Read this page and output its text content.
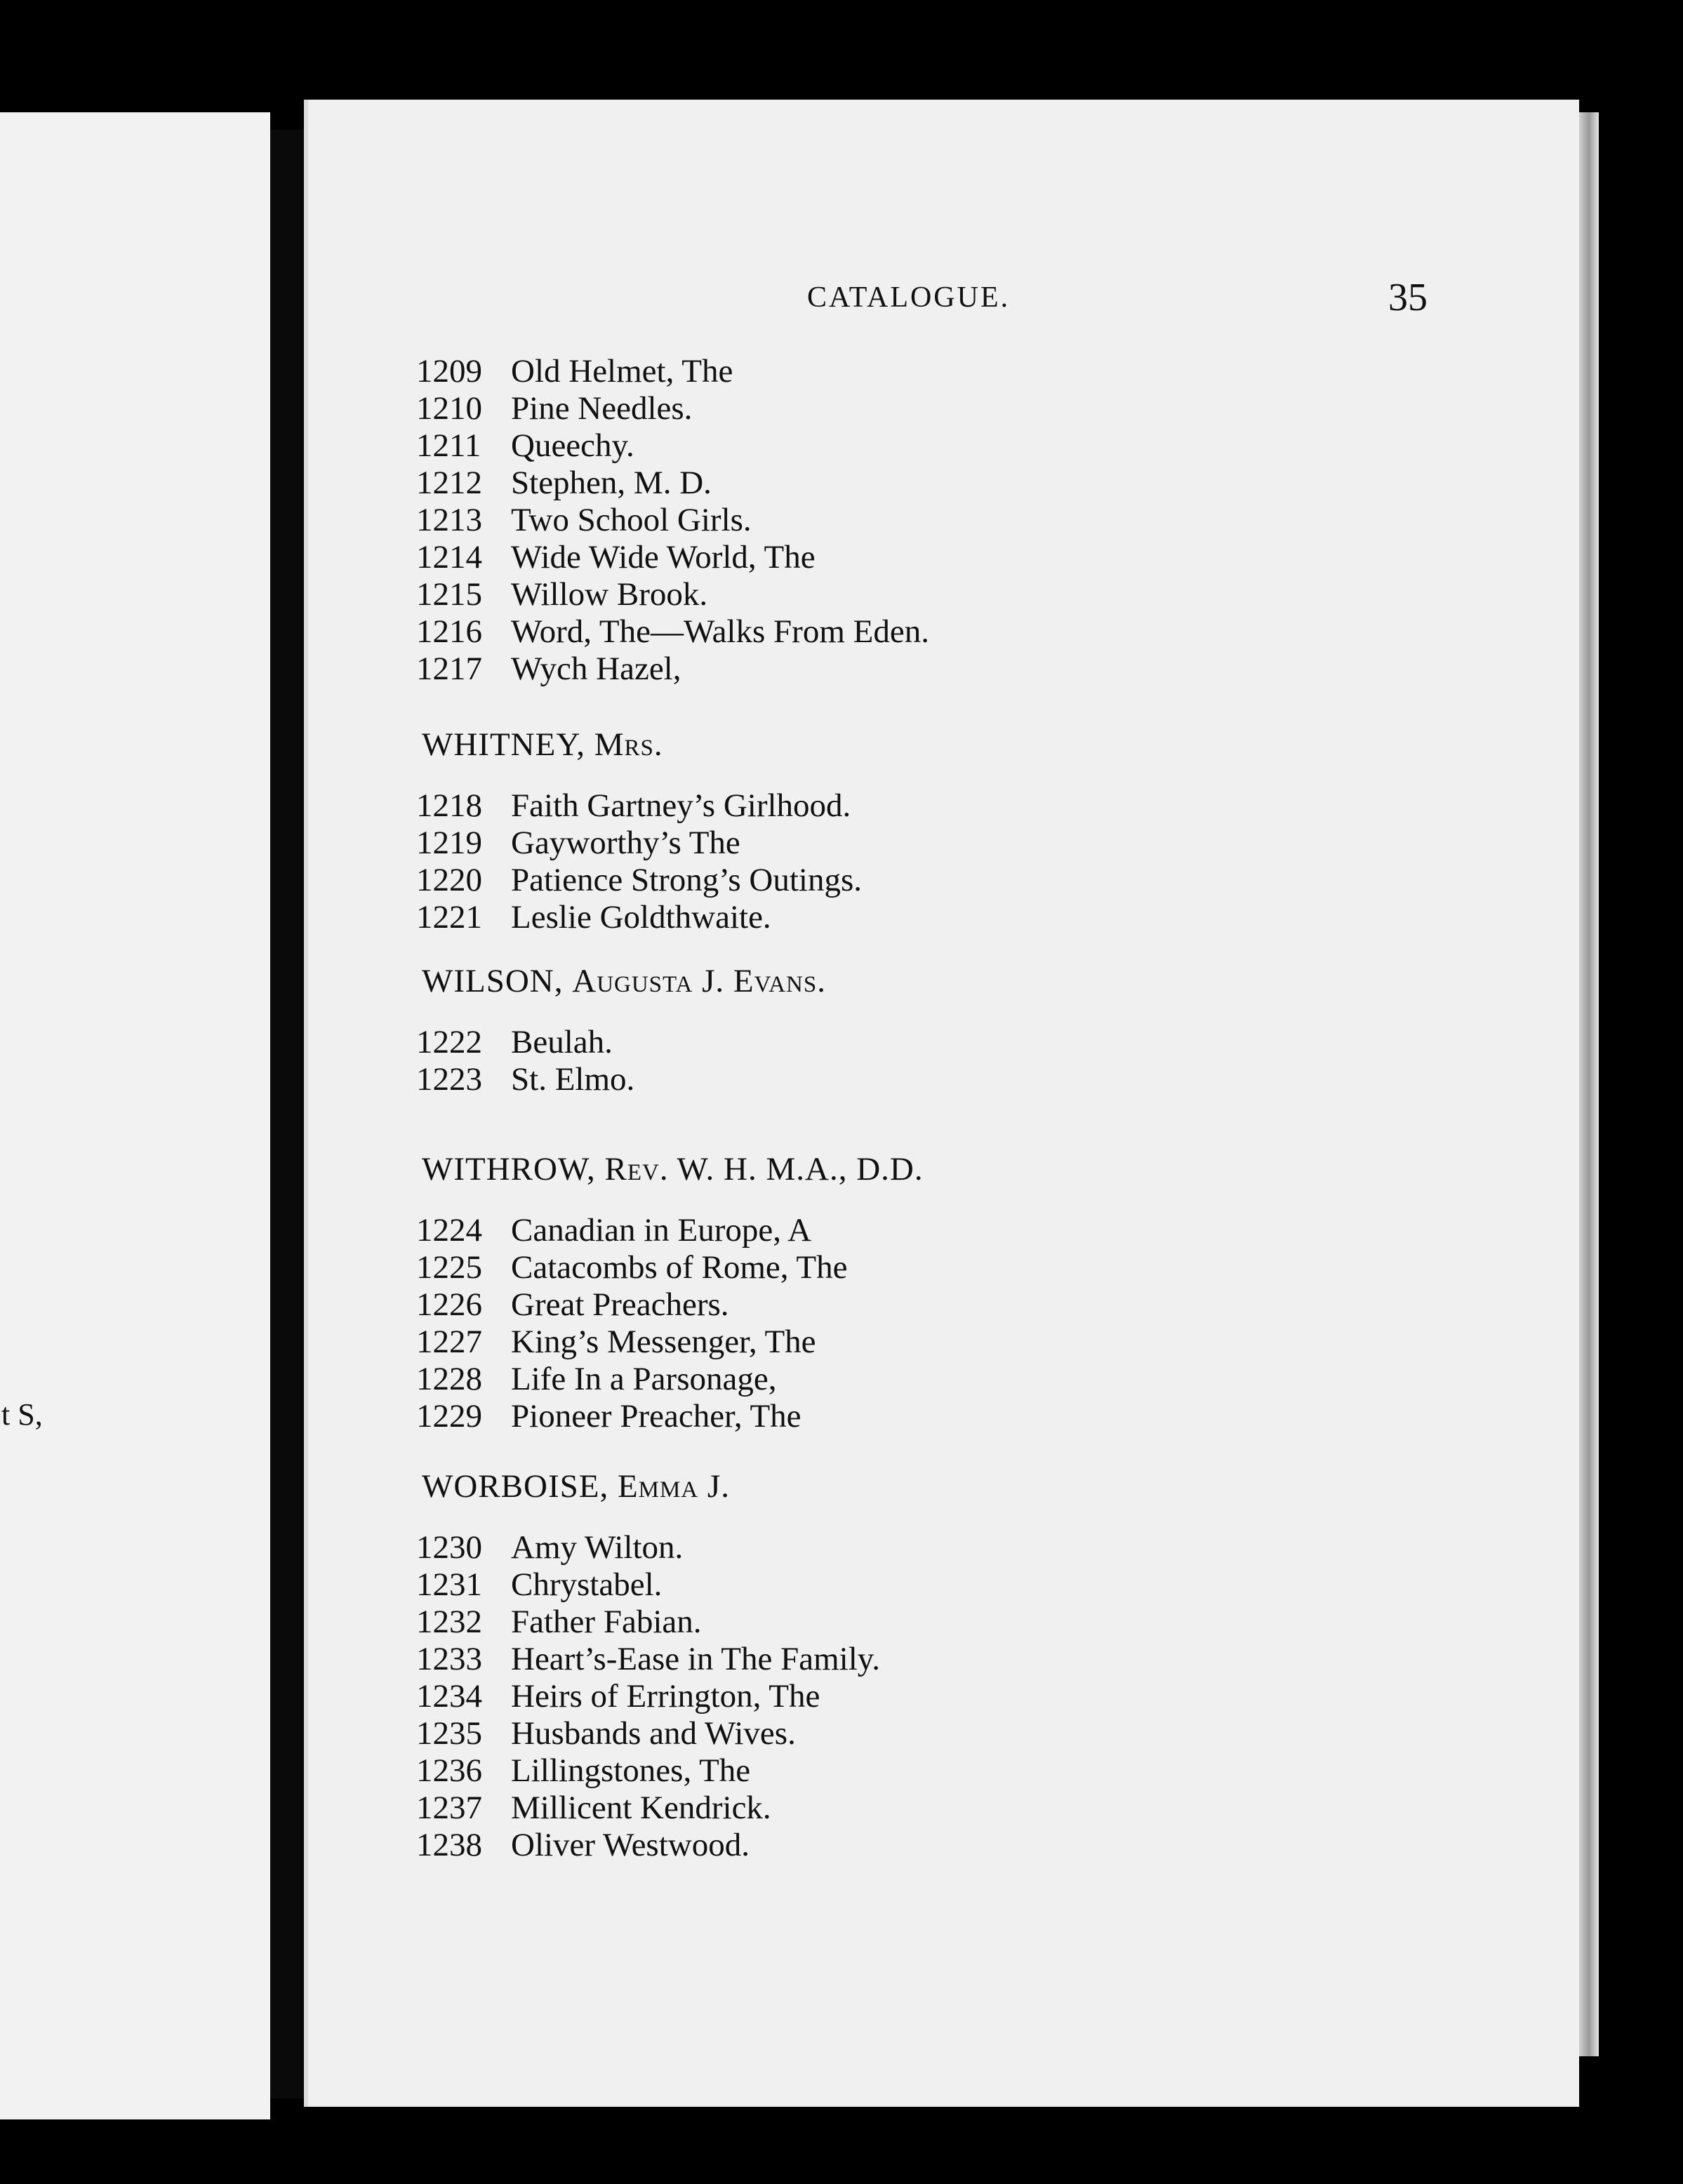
t S,
CATALOGUE.	35
1209 Old Helmet, The
1210 Pine Needles.
1211 Queechy.
1212 Stephen, M. D.
1213 Two School Girls.
1214 Wide Wide World, The
1215 Willow Brook.
1216 Word, The—Walks From Eden.
1217 Wych Hazel,
WHITNEY, Mrs.
1218 Faith Gartney’s Girlhood.
1219 Gayworthy’s The
1220 Patience Strong’s Outings.
1221 Leslie Goldthwaite.
WILSON, Augusta J. Evans.
1222 Beulah.
1223 St. Elmo.
WITHROW, Rev. W. H. M.A., D.D.
1224 Canadian in Europe, A
1225 Catacombs of Rome, The
1226 Great Preachers.
1227 King’s Messenger, The
1228 Life In a Parsonage,
1229 Pioneer Preacher, The
WORBOISE, Emma J.
1230 Amy Wilton.
1231 Chrystabel.
1232 Father Fabian.
1233 Heart’s-Ease in The Family.
1234 Heirs of Errington, The
1235 Husbands and Wives.
1236 Lillingstones, The
1237 Millicent Kendrick.
1238 Oliver Westwood.
